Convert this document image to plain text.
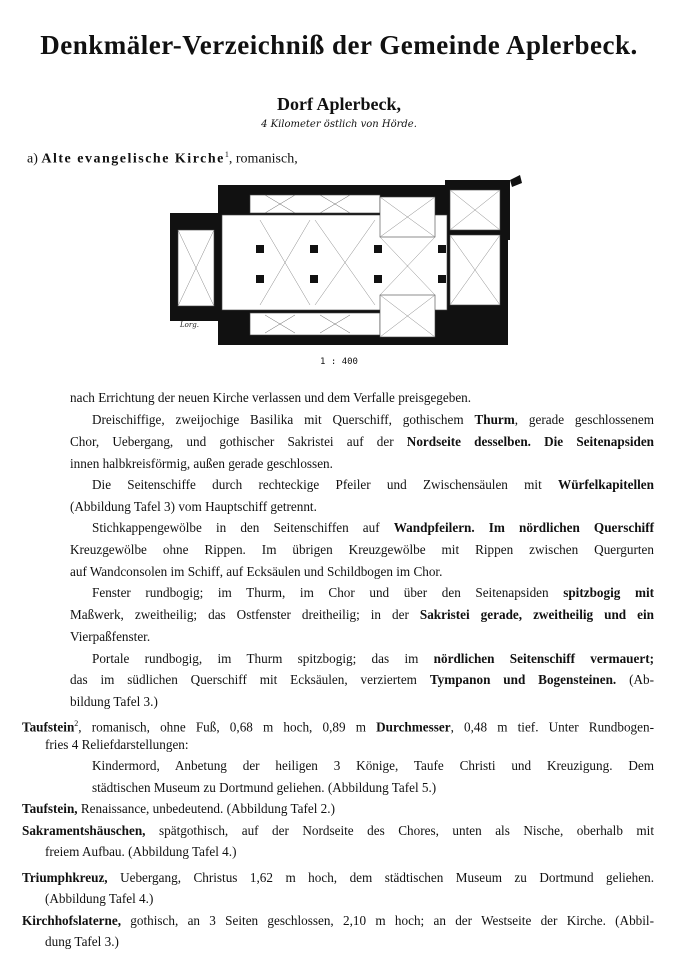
Denkmäler-Verzeichniß der Gemeinde Aplerbeck.
Dorf Aplerbeck,
4 Kilometer östlich von Hörde.
a) Alte evangelische Kirche$^1$, romanisch,
Lorg.
1 : 400
nach Errichtung der neuen Kirche verlassen und dem Verfalle preisgegeben.
Dreischiffige, zweijochige Basilika mit Querschiff, gothischem Thurm, gerade geschlossenem
Chor, Uebergang, und gothischer Sakristei auf der Nordseite desselben. Die Seitenapsiden
innen halbkreisförmig, außen gerade geschlossen.
Die Seitenschiffe durch rechteckige Pfeiler und Zwischensäulen mit Würfelkapitellen
(Abbildung Tafel 3) vom Hauptschiff getrennt.
Stichkappengewölbe in den Seitenschiffen auf Wandpfeilern. Im nördlichen Querschiff
Kreuzgewölbe ohne Rippen. Im übrigen Kreuzgewölbe mit Rippen zwischen Quergurten
auf Wandconsolen im Schiff, auf Ecksäulen und Schildbogen im Chor.
Fenster rundbogig; im Thurm, im Chor und über den Seitenapsiden spitzbogig mit
Maßwerk, zweitheilig; das Ostfenster dreitheilig; in der Sakristei gerade, zweitheilig und ein
Vierpaßfenster.
Portale rundbogig, im Thurm spitzbogig; das im nördlichen Seitenschiff vermauert;
das im südlichen Querschiff mit Ecksäulen, verziertem Tympanon und Bogensteinen. (Ab-
bildung Tafel 3.)
Taufstein$^2$, romanisch, ohne Fuß, 0,68 m hoch, 0,89 m Durchmesser, 0,48 m tief. Unter Rundbogen-
fries 4 Reliefdarstellungen:
Kindermord, Anbetung der heiligen 3 Könige, Taufe Christi und Kreuzigung. Dem
städtischen Museum zu Dortmund geliehen. (Abbildung Tafel 5.)
Taufstein, Renaissance, unbedeutend. (Abbildung Tafel 2.)
Sakramentshäuschen, spätgothisch, auf der Nordseite des Chores, unten als Nische, oberhalb mit
freiem Aufbau. (Abbildung Tafel 4.)
Triumphkreuz, Uebergang, Christus 1,62 m hoch, dem städtischen Museum zu Dortmund geliehen.
(Abbildung Tafel 4.)
Kirchhofslaterne, gothisch, an 3 Seiten geschlossen, 2,10 m hoch; an der Westseite der Kirche. (Abbil-
dung Tafel 3.)
